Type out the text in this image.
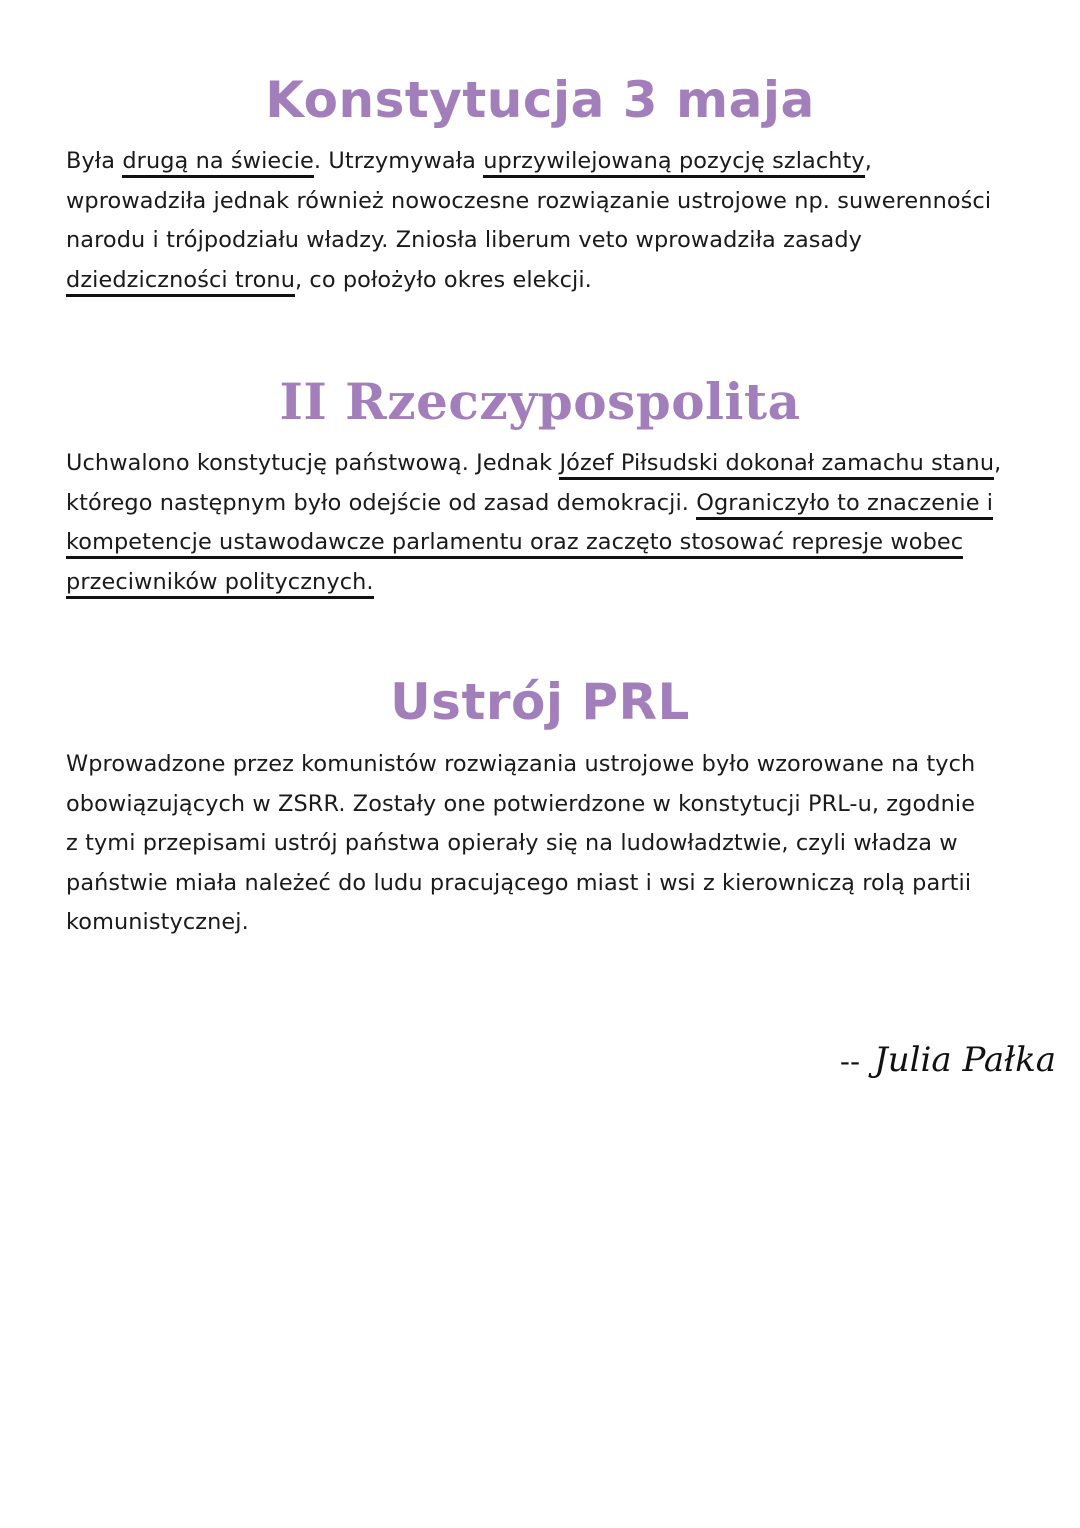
Konstytucja 3 maja
Była drugą na świecie. Utrzymywała uprzywilejowaną pozycję szlachty,
wprowadziła jednak również nowoczesne rozwiązanie ustrojowe np. suwerenności
narodu i trójpodziału władzy. Zniosła liberum veto wprowadziła zasady
dziedziczności tronu, co położyło okres elekcji.
II Rzeczypospolita
Uchwalono konstytucję państwową. Jednak Józef Piłsudski dokonał zamachu stanu,
którego następnym było odejście od zasad demokracji. Ograniczyło to znaczenie i
kompetencje ustawodawcze parlamentu oraz zaczęto stosować represje wobec
przeciwników politycznych.
Ustrój PRL
Wprowadzone przez komunistów rozwiązania ustrojowe było wzorowane na tych
obowiązujących w ZSRR. Zostały one potwierdzone w konstytucji PRL-u, zgodnie
z tymi przepisami ustrój państwa opierały się na ludowładztwie, czyli władza w
państwie miała należeć do ludu pracującego miast i wsi z kierowniczą rolą partii
komunistycznej.
-- Julia Pałka
